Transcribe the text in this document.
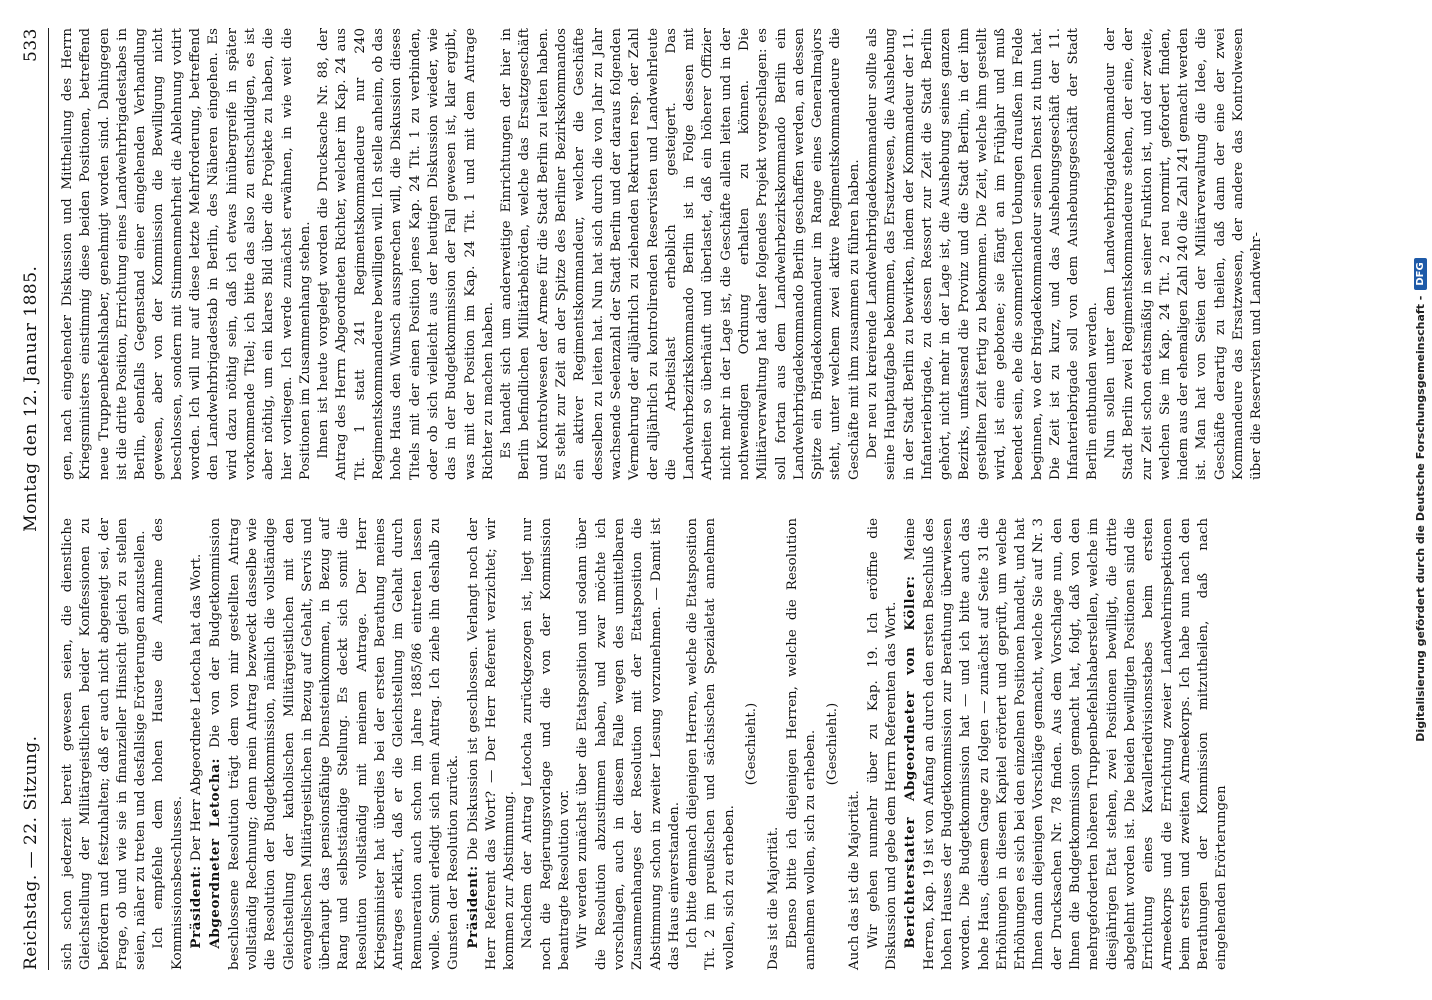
Reichstag. — 22. Sitzung.
Montag den 12. Januar 1885.
533

sich schon jederzeit bereit gewesen seien, die dienstliche Gleichstellung der Militärgeistlichen beider Konfessionen zu befördern und festzuhalten; daß er auch nicht abgeneigt sei, der Frage, ob und wie sie in finanzieller Hinsicht gleich zu stellen seien, näher zu treten und desfallsige Erörterungen anzustellen. Ich empfehle dem hohen Hause die Annahme des Kommissionsbeschlusses. Präsident: Der Herr Abgeordnete Letocha hat das Wort. Abgeordneter Letocha: Die von der Budgetkommission beschlossene Resolution trägt dem von mir gestellten Antrag vollständig Rechnung; denn mein Antrag bezweckt dasselbe wie die Resolution der Budgetkommission, nämlich die vollständige Gleichstellung der katholischen Militärgeistlichen mit den evangelischen Militärgeistlichen in Bezug auf Gehalt, Servis und überhaupt das pensionsfähige Diensteinkommen, in Bezug auf Rang und selbstständige Stellung. Es deckt sich somit die Resolution vollständig mit meinem Antrage. Der Herr Kriegsminister hat überdies bei der ersten Berathung meines Antrages erklärt, daß er die Gleichstellung im Gehalt durch Remuneration auch schon im Jahre 1885/86 eintreten lassen wolle. Somit erledigt sich mein Antrag. Ich ziehe ihn deshalb zu Gunsten der Resolution zurück. Präsident: Die Diskussion ist geschlossen. Verlangt noch der Herr Referent das Wort? — Der Herr Referent verzichtet; wir kommen zur Abstimmung. Nachdem der Antrag Letocha zurückgezogen ist, liegt nur noch die Regierungsvorlage und die von der Kommission beantragte Resolution vor. Wir werden zunächst über die Etatsposition und sodann über die Resolution abzustimmen haben, und zwar möchte ich vorschlagen, auch in diesem Falle wegen des unmittelbaren Zusammenhanges der Resolution mit der Etatsposition die Abstimmung schon in zweiter Lesung vorzunehmen. — Damit ist das Haus einverstanden. Ich bitte demnach diejenigen Herren, welche die Etatsposition Tit. 2 im preußischen und sächsischen Spezialetat annehmen wollen, sich zu erheben.

(Geschieht.)

Das ist die Majorität. Ebenso bitte ich diejenigen Herren, welche die Resolution annehmen wollen, sich zu erheben. (Geschieht.)

Auch das ist die Majorität. Wir gehen nunmehr über zu Kap. 19. Ich eröffne die Diskussion und gebe dem Herrn Referenten das Wort. Berichterstatter Abgeordneter von Köller: Meine Herren, Kap. 19 ist von Anfang an durch den ersten Beschluß des hohen Hauses der Budgetkommission zur Berathung überwiesen worden. Die Budgetkommission hat — und ich bitte auch das hohe Haus, diesem Gange zu folgen — zunächst auf Seite 31 die Erhöhungen in diesem Kapitel erörtert und geprüft, um welche Erhöhungen es sich bei den einzelnen Positionen handelt, und hat Ihnen dann diejenigen Vorschläge gemacht, welche Sie auf Nr. 3 der Drucksachen Nr. 78 finden. Aus dem Vorschlage nun, den Ihnen die Budgetkommission gemacht hat, folgt, daß von den mehrgeforderten höheren Truppenbefehlshaberstellen, welche im diesjährigen Etat stehen, zwei Positionen bewilligt, die dritte abgelehnt worden ist. Die beiden bewilligten Positionen sind die Errichtung eines Kavalleriedivisionsstabes beim ersten Armeekorps und die Errichtung zweier Landwehrinspektionen beim ersten und zweiten Armeekorps. Ich habe nun nach den Berathungen der Kommission mitzutheilen, daß nach eingehenden Erörterungen

gen, nach eingehender Diskussion und Mittheilung des Herrn Kriegsministers einstimmig diese beiden Positionen, betreffend neue Truppenbefehlshaber, genehmigt worden sind. Dahingegen ist die dritte Position, Errichtung eines Landwehrbrigadestabes in Berlin, ebenfalls Gegenstand einer eingehenden Verhandlung gewesen, aber von der Kommission die Bewilligung nicht beschlossen, sondern mit Stimmenmehrheit die Ablehnung votirt worden. Ich will nur auf diese letzte Mehrforderung, betreffend den Landwehrbrigadestab in Berlin, des Näheren eingehen. Es wird dazu nöthig sein, daß ich etwas hinübergreife in später vorkommende Titel; ich bitte das also zu entschuldigen, es ist aber nöthig, um ein klares Bild über die Projekte zu haben, die hier vorliegen. Ich werde zunächst erwähnen, in wie weit die Positionen im Zusammenhang stehen. Ihnen ist heute vorgelegt worden die Drucksache Nr. 88, der Antrag des Herrn Abgeordneten Richter, welcher im Kap. 24 aus Tit. 1 statt 241 Regimentskommandeure nur 240 Regimentskommandeure bewilligen will. Ich stelle anheim, ob das hohe Haus den Wunsch aussprechen will, die Diskussion dieses Titels mit der einen Position jenes Kap. 24 Tit. 1 zu verbinden, oder ob sich vielleicht aus der heutigen Diskussion wieder, wie das in der Budgetkommission der Fall gewesen ist, klar ergibt, was mit der Position im Kap. 24 Tit. 1 und mit dem Antrage Richter zu machen haben. Es handelt sich um anderweitige Einrichtungen der hier in Berlin befindlichen Militärbehörden, welche das Ersatzgeschäft und Kontrolwesen der Armee für die Stadt Berlin zu leiten haben. Es steht zur Zeit an der Spitze des Berliner Bezirkskommandos ein aktiver Regimentskommandeur, welcher die Geschäfte desselben zu leiten hat. Nun hat sich durch die von Jahr zu Jahr wachsende Seelenzahl der Stadt Berlin und der daraus folgenden Vermehrung der alljährlich zu ziehenden Rekruten resp. der Zahl der alljährlich zu kontrolirenden Reservisten und Landwehrleute die Arbeitslast erheblich gesteigert. Das Landwehrbezirkskommando Berlin ist in Folge dessen mit Arbeiten so überhäuft und überlastet, daß ein höherer Offizier nicht mehr in der Lage ist, die Geschäfte allein leiten und in der nothwendigen Ordnung erhalten zu können. Die Militärverwaltung hat daher folgendes Projekt vorgeschlagen: es soll fortan aus dem Landwehrbezirkskommando Berlin ein Landwehrbrigadekommando Berlin geschaffen werden, an dessen Spitze ein Brigadekommandeur im Range eines Generalmajors steht, unter welchem zwei aktive Regimentskommandeure die Geschäfte mit ihm zusammen zu führen haben. Der neu zu kreirende Landwehrbrigadekommandeur sollte als seine Hauptaufgabe bekommen, das Ersatzwesen, die Aushebung in der Stadt Berlin zu bewirken, indem der Kommandeur der 11. Infanteriebrigade, zu dessen Ressort zur Zeit die Stadt Berlin gehört, nicht mehr in der Lage ist, die Aushebung seines ganzen Bezirks, umfassend die Provinz und die Stadt Berlin, in der ihm gestellten Zeit fertig zu bekommen. Die Zeit, welche ihm gestellt wird, ist eine gebotene; sie fängt an im Frühjahr und muß beendet sein, ehe die sommerlichen Uebungen draußen im Felde beginnen, wo der Brigadekommandeur seinen Dienst zu thun hat. Die Zeit ist zu kurz, und das Aushebungsgeschäft der 11. Infanteriebrigade soll von dem Aushebungsgeschäft der Stadt Berlin entbunden werden. Nun sollen unter dem Landwehrbrigadekommandeur der Stadt Berlin zwei Regimentskommandeure stehen, der eine, der zur Zeit schon etatsmäßig in seiner Funktion ist, und der zweite, welchen Sie im Kap. 24 Tit. 2 neu normirt, gefordert finden, indem aus der ehemaligen Zahl 240 die Zahl 241 gemacht werden ist. Man hat von Seiten der Militärverwaltung die Idee, die Geschäfte derartig zu theilen, daß dann der eine der zwei Kommandeure das Ersatzwesen, der andere das Kontrolwesen über die Reservisten und Landwehr-	Digitalisierung gefördert durch die Deutsche Forschungsgemeinschaft -
DFG
